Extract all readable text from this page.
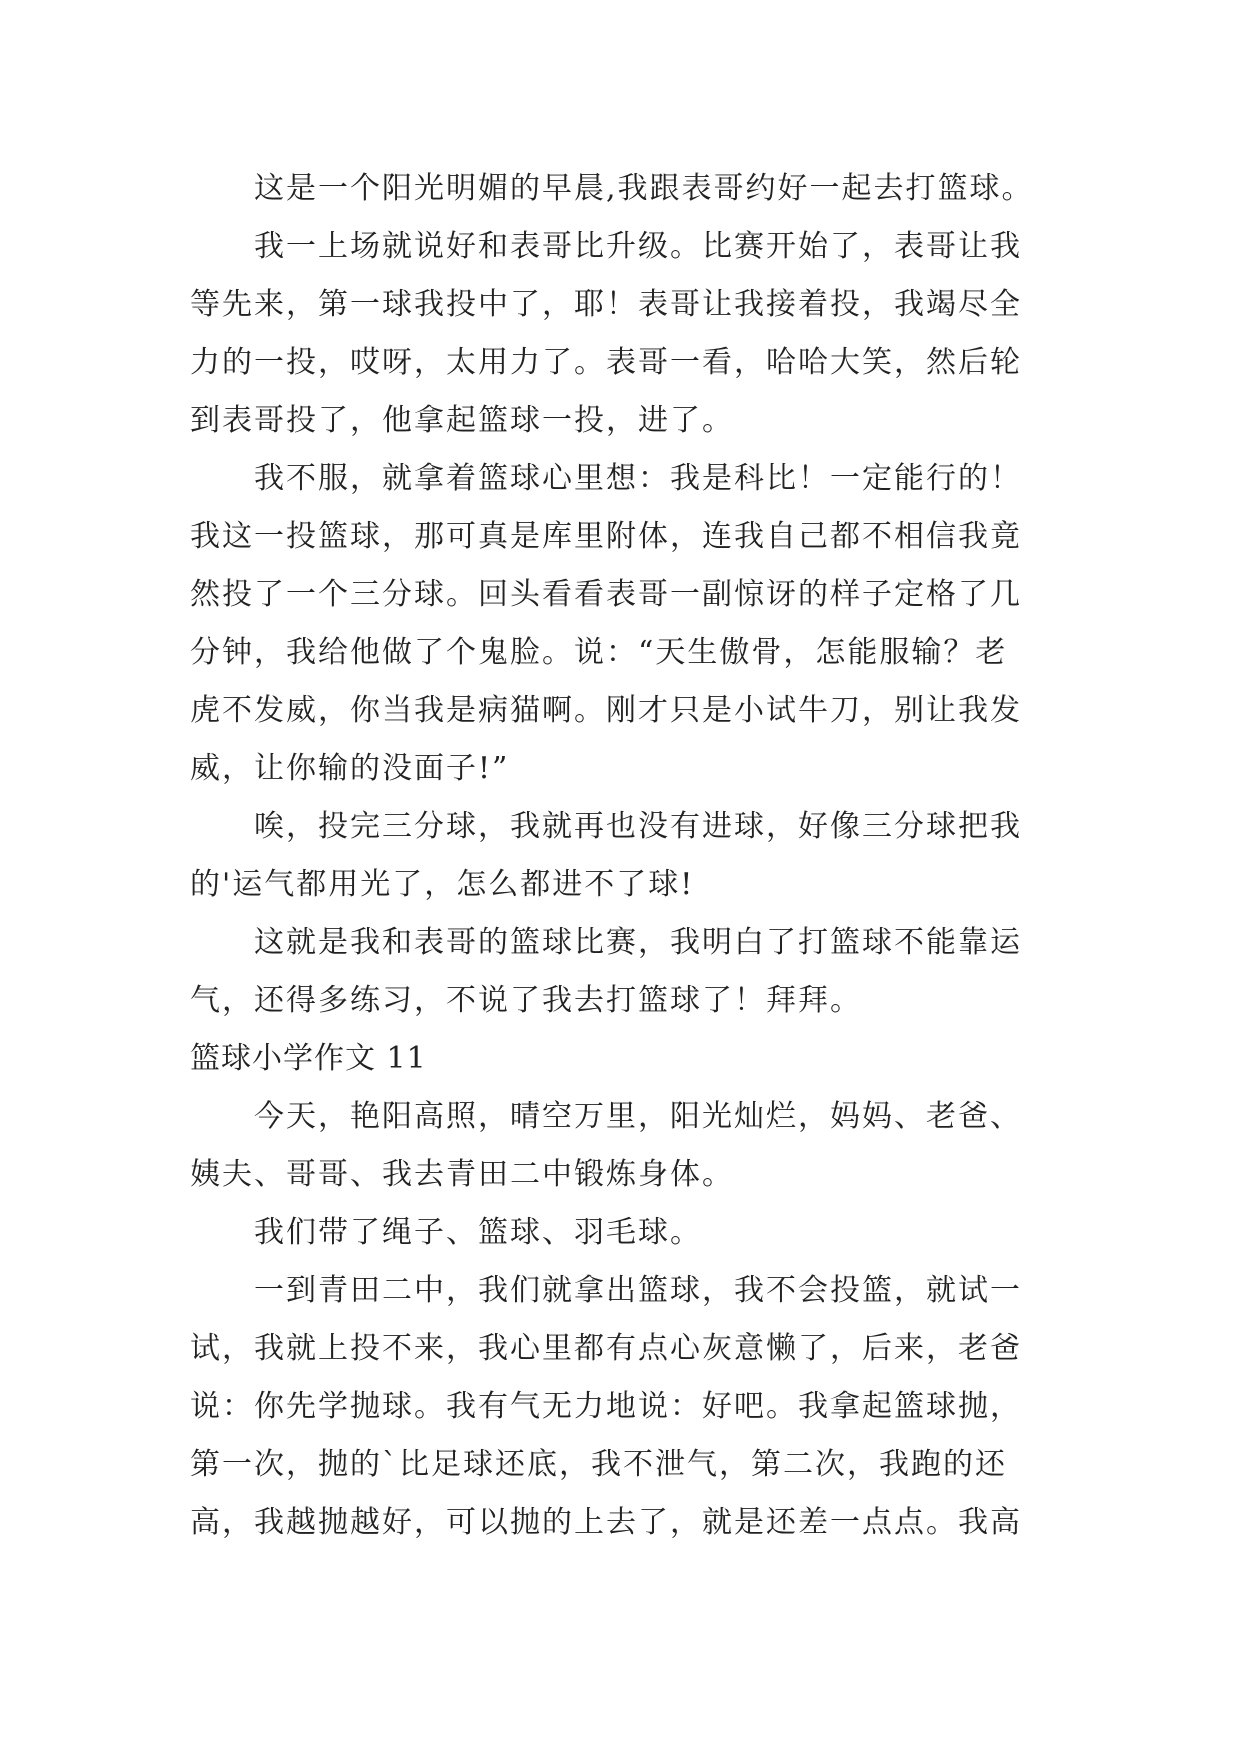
这是一个阳光明媚的早晨,我跟表哥约好一起去打篮球。
我一上场就说好和表哥比升级。比赛开始了，表哥让我
等先来，第一球我投中了，耶！表哥让我接着投，我竭尽全
力的一投，哎呀，太用力了。表哥一看，哈哈大笑，然后轮
到表哥投了，他拿起篮球一投，进了。
我不服，就拿着篮球心里想：我是科比！一定能行的！
我这一投篮球，那可真是库里附体，连我自己都不相信我竟
然投了一个三分球。回头看看表哥一副惊讶的样子定格了几
分钟，我给他做了个鬼脸。说：“天生傲骨，怎能服输？老
虎不发威，你当我是病猫啊。刚才只是小试牛刀，别让我发
威，让你输的没面子!”
唉，投完三分球，我就再也没有进球，好像三分球把我
的'运气都用光了，怎么都进不了球!
这就是我和表哥的篮球比赛，我明白了打篮球不能靠运
气，还得多练习，不说了我去打篮球了！拜拜。
篮球小学作文 11
今天，艳阳高照，晴空万里，阳光灿烂，妈妈、老爸、
姨夫、哥哥、我去青田二中锻炼身体。
我们带了绳子、篮球、羽毛球。
一到青田二中，我们就拿出篮球，我不会投篮，就试一
试，我就上投不来，我心里都有点心灰意懒了，后来，老爸
说：你先学抛球。我有气无力地说：好吧。我拿起篮球抛，
第一次，抛的`比足球还底，我不泄气，第二次，我跑的还
高，我越抛越好，可以抛的上去了，就是还差一点点。我高
